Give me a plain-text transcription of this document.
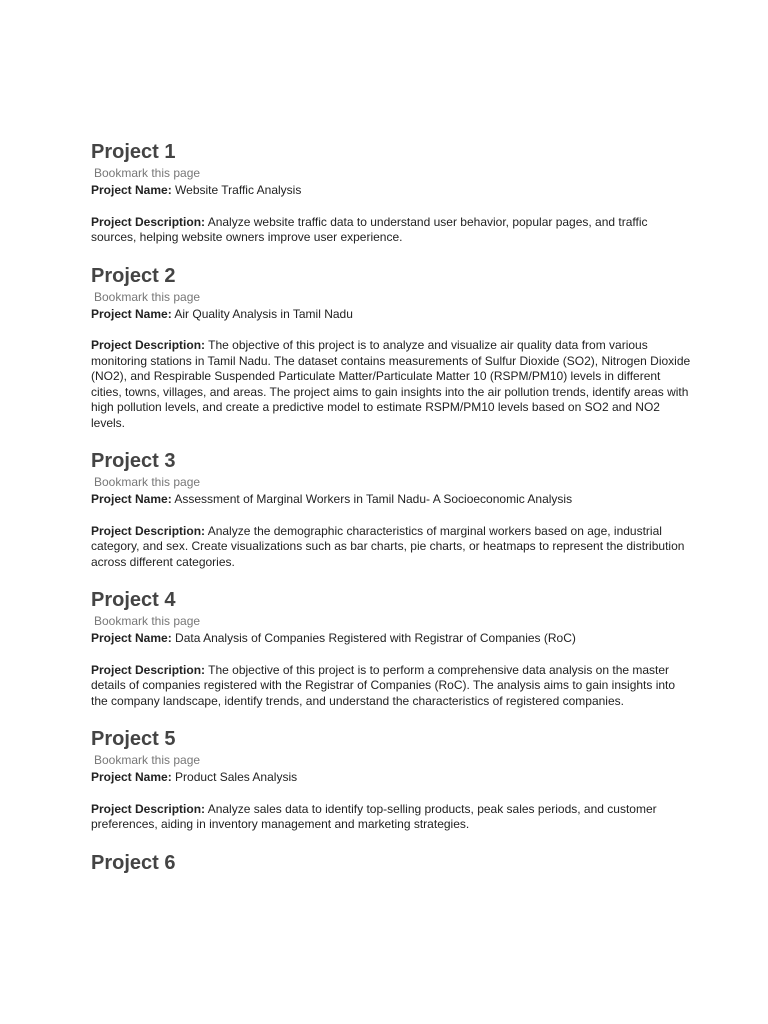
Project 1
Bookmark this page

Project Name: Website Traffic Analysis

Project Description: Analyze website traffic data to understand user behavior, popular pages, and traffic sources, helping website owners improve user experience.

Project 2
Bookmark this page

Project Name: Air Quality Analysis in Tamil Nadu

Project Description: The objective of this project is to analyze and visualize air quality data from various monitoring stations in Tamil Nadu. The dataset contains measurements of Sulfur Dioxide (SO2), Nitrogen Dioxide (NO2), and Respirable Suspended Particulate Matter/Particulate Matter 10 (RSPM/PM10) levels in different cities, towns, villages, and areas. The project aims to gain insights into the air pollution trends, identify areas with high pollution levels, and create a predictive model to estimate RSPM/PM10 levels based on SO2 and NO2 levels.

Project 3
Bookmark this page

Project Name: Assessment of Marginal Workers in Tamil Nadu- A Socioeconomic Analysis

Project Description: Analyze the demographic characteristics of marginal workers based on age, industrial category, and sex. Create visualizations such as bar charts, pie charts, or heatmaps to represent the distribution across different categories.

Project 4
Bookmark this page

Project Name: Data Analysis of Companies Registered with Registrar of Companies (RoC)

Project Description: The objective of this project is to perform a comprehensive data analysis on the master details of companies registered with the Registrar of Companies (RoC). The analysis aims to gain insights into the company landscape, identify trends, and understand the characteristics of registered companies.

Project 5
Bookmark this page

Project Name: Product Sales Analysis

Project Description: Analyze sales data to identify top-selling products, peak sales periods, and customer preferences, aiding in inventory management and marketing strategies.

Project 6
